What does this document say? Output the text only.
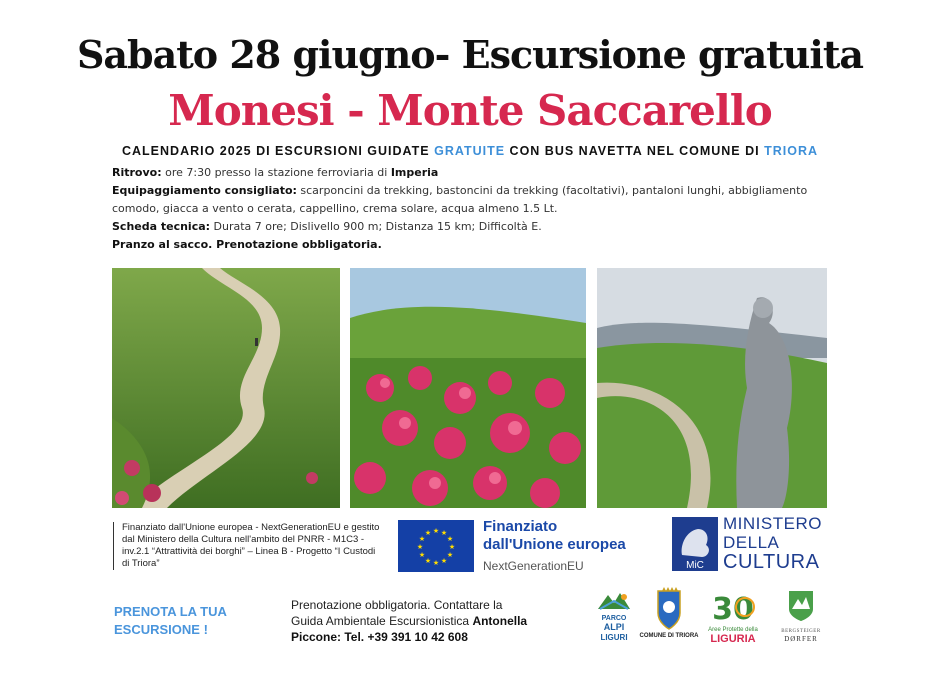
Sabato 28 giugno- Escursione gratuita
Monesi - Monte Saccarello
CALENDARIO 2025 DI ESCURSIONI GUIDATE GRATUITE CON BUS NAVETTA NEL COMUNE DI TRIORA
Ritrovo: ore 7:30 presso la stazione ferroviaria di Imperia
Equipaggiamento consigliato: scarponcini da trekking, bastoncini da trekking (facoltativi), pantaloni lunghi, abbigliamento comodo, giacca a vento o cerata, cappellino, crema solare, acqua almeno 1.5 Lt.
Scheda tecnica: Durata 7 ore; Dislivello 900 m; Distanza 15 km; Difficoltà E.
Pranzo al sacco. Prenotazione obbligatoria.
Finanziato dall'Unione europea - NextGenerationEU e gestito dal Ministero della Cultura nell'ambito del PNRR - M1C3 - inv.2.1 “Attrattività dei borghi” – Linea B - Progetto “I Custodi di Triora”
★ ★
★
★
★
★
★
★
★
★
★
★	Finanziato
dall'Unione europea
NextGenerationEU	MiC
MINISTERO
DELLA
CULTURA
PRENOTA LA TUA
ESCURSIONE !
Prenotazione obbligatoria. Contattare la Guida Ambientale Escursionistica Antonella Piccone: Tel. +39 391 10 42 608
PARCO
ALPI
LIGURI COMUNE DI TRIORA
30
Aree Protette della
LIGURIA
BERGSTEIGER
DØRFER
